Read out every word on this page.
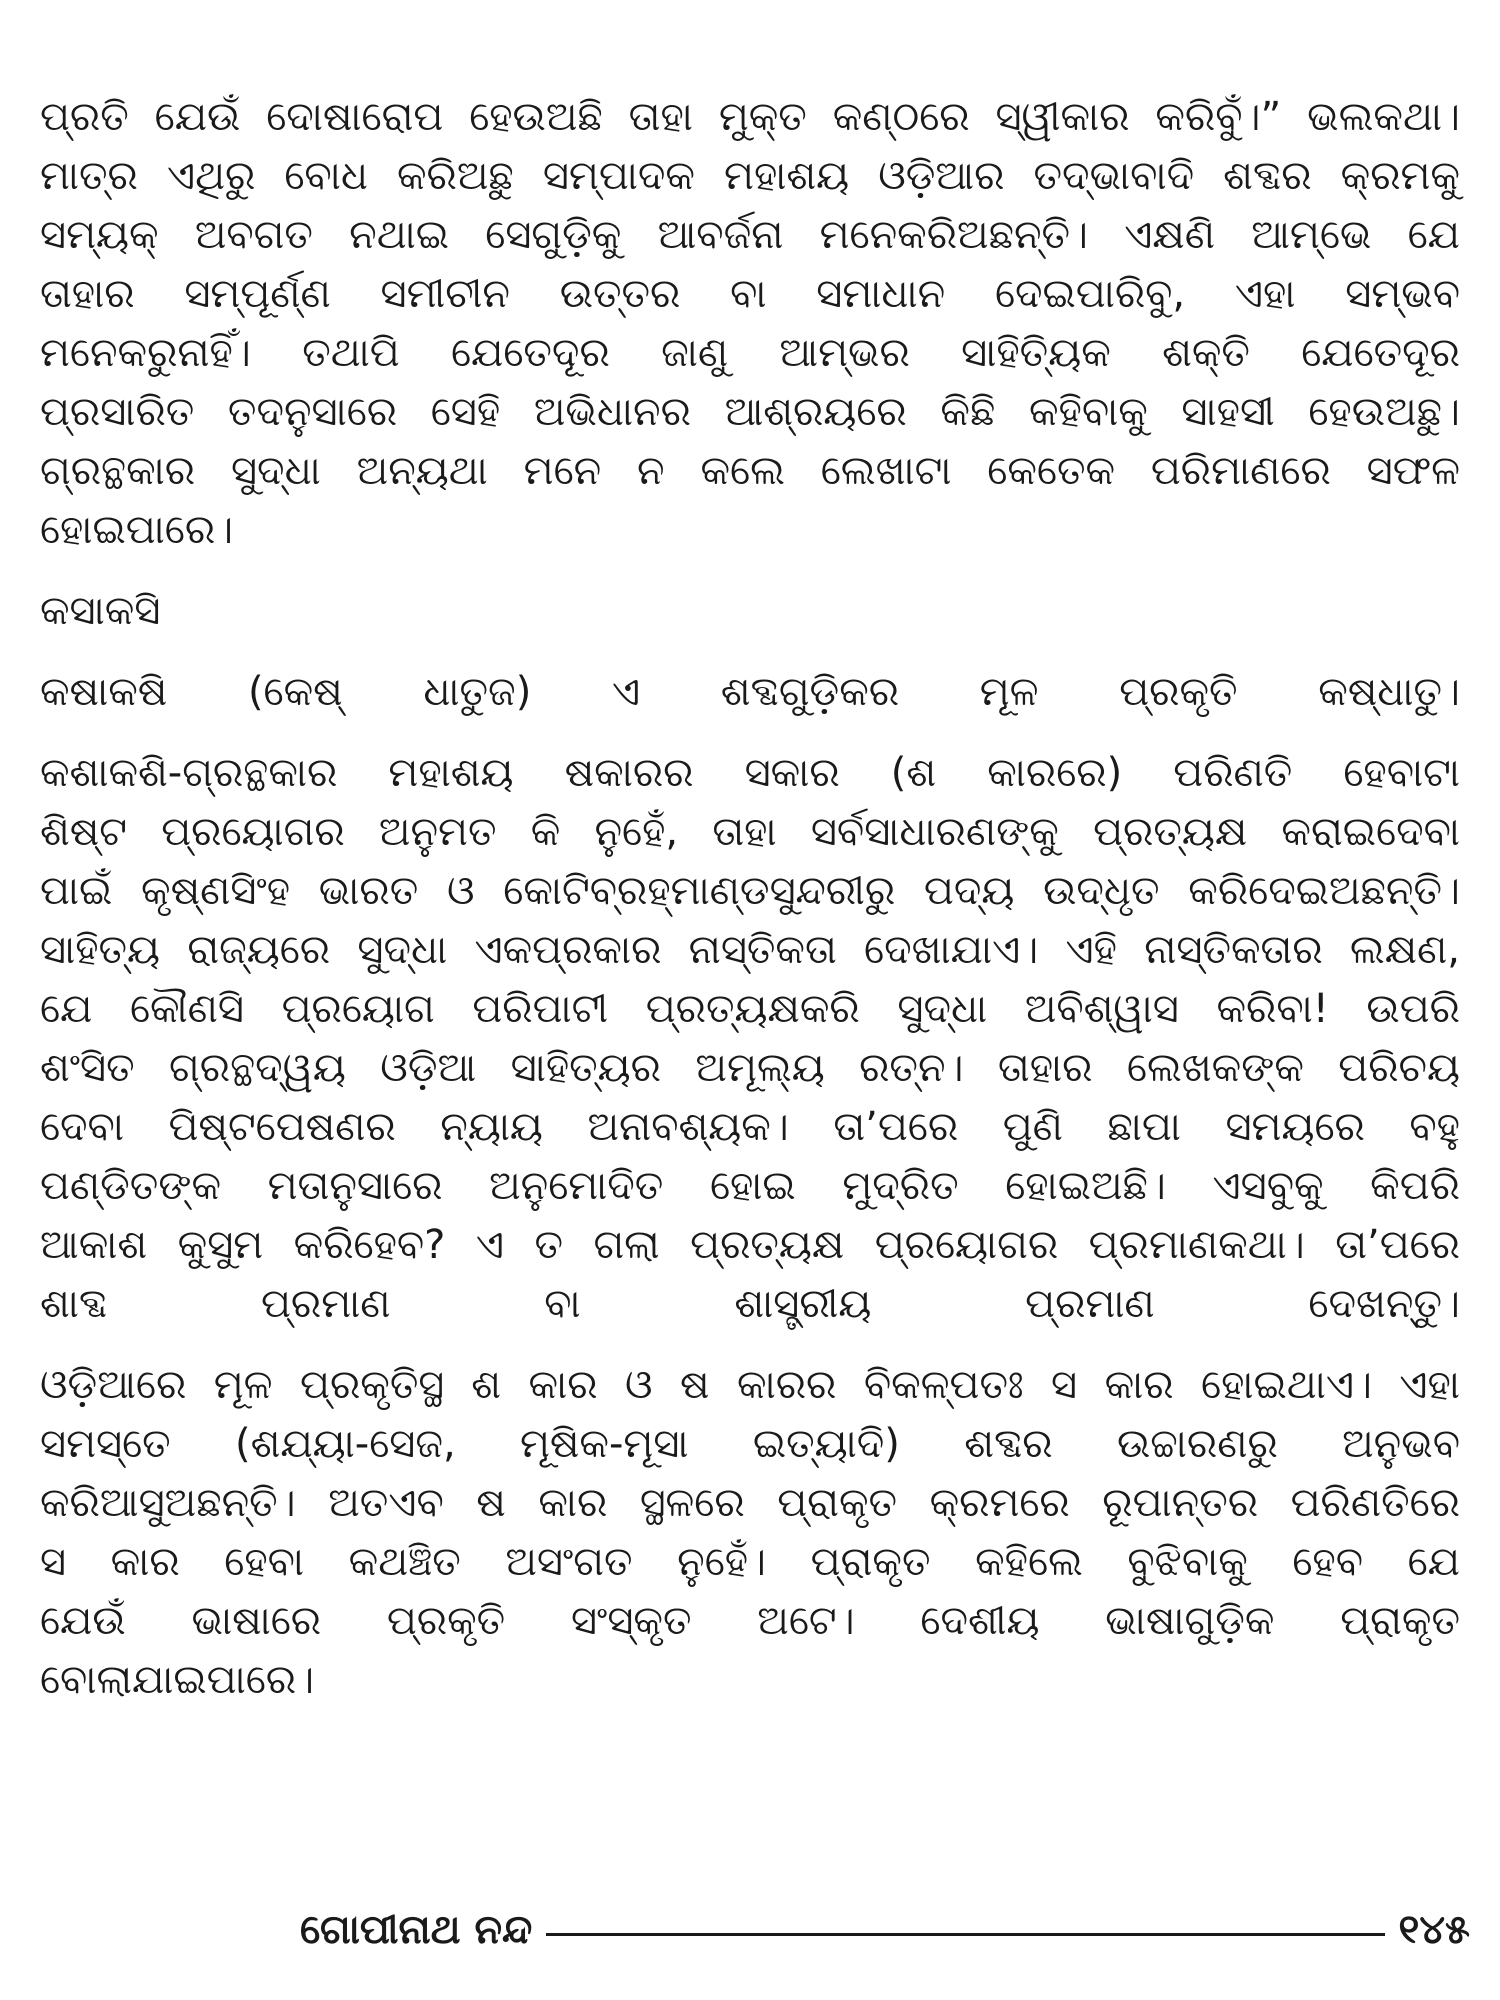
ପ୍ରତି ଯେଉଁ ଦୋଷାରୋପ ହେଉଅଛି ତାହା ମୁକ୍ତ କଣ୍ଠରେ ସ୍ୱୀକାର କରିବୁଁ।” ଭଲକଥା।
ମାତ୍ର ଏଥିରୁ ବୋଧ କରିଅଛୁ ସମ୍ପାଦକ ମହାଶୟ ଓଡ଼ିଆର ତଦ୍‌ଭାବାଦି ଶବ୍ଦର କ୍ରମକୁ
ସମ୍ୟକ୍ ଅବଗତ ନଥାଇ ସେଗୁଡ଼ିକୁ ଆବର୍ଜନା ମନେକରିଅଛନ୍ତି। ଏକ୍ଷଣି ଆମ୍ଭେ ଯେ
ତାହାର ସମ୍ପୂର୍ଣ୍ଣ ସମୀଚୀନ ଉତ୍ତର ବା ସମାଧାନ ଦେଇପାରିବୁ, ଏହା ସମ୍ଭବ
ମନେକରୁନାହିଁ। ତଥାପି ଯେତେଦୂର ଜାଣୁ ଆମ୍ଭର ସାହିତ୍ୟିକ ଶକ୍ତି ଯେତେଦୂର
ପ୍ରସାରିତ ତଦନୁସାରେ ସେହି ଅଭିଧାନର ଆଶ୍ରୟରେ କିଛି କହିବାକୁ ସାହସୀ ହେଉଅଛୁ।
ଗ୍ରନ୍ଥକାର ସୁଦ୍ଧା ଅନ୍ୟଥା ମନେ ନ କଲେ ଲେଖାଟା କେତେକ ପରିମାଣରେ ସଫଳ
ହୋଇପାରେ।
କସାକସି
କଷାକଷି (କେଷ୍ ଧାତୁଜ) ଏ ଶବ୍ଦଗୁଡ଼ିକର ମୂଳ ପ୍ରକୃତି କଷ୍‌ଧାତୁ।
କଶାକଶି-ଗ୍ରନ୍ଥକାର ମହାଶୟ ଷକାରର ସକାର (ଶ କାରରେ) ପରିଣତି ହେବାଟା
ଶିଷ୍ଟ ପ୍ରୟୋଗର ଅନୁମତ କି ନୁହେଁ, ତାହା ସର୍ବସାଧାରଣଙ୍କୁ ପ୍ରତ୍ୟକ୍ଷ କରାଇଦେବା
ପାଇଁ କୃଷ୍ଣସିଂହ ଭାରତ ଓ କୋଟିବ୍ରହ୍ମାଣ୍ଡସୁନ୍ଦରୀରୁ ପଦ୍ୟ ଉଦ୍ଧୃତ କରିଦେଇଅଛନ୍ତି।
ସାହିତ୍ୟ ରାଜ୍ୟରେ ସୁଦ୍ଧା ଏକପ୍ରକାର ନାସ୍ତିକତା ଦେଖାଯାଏ। ଏହି ନାସ୍ତିକତାର ଲକ୍ଷଣ,
ଯେ କୌଣସି ପ୍ରୟୋଗ ପରିପାଟୀ ପ୍ରତ୍ୟକ୍ଷକରି ସୁଦ୍ଧା ଅବିଶ୍ୱାସ କରିବା! ଉପରି
ଶଂସିତ ଗ୍ରନ୍ଥଦ୍ୱୟ ଓଡ଼ିଆ ସାହିତ୍ୟର ଅମୂଲ୍ୟ ରତ୍ନ। ତାହାର ଲେଖକଙ୍କ ପରିଚୟ
ଦେବା ପିଷ୍ଟପେଷଣର ନ୍ୟାୟ ଅନାବଶ୍ୟକ। ତା’ପରେ ପୁଣି ଛାପା ସମୟରେ ବହୁ
ପଣ୍ଡିତଙ୍କ ମତାନୁସାରେ ଅନୁମୋଦିତ ହୋଇ ମୁଦ୍ରିତ ହୋଇଅଛି। ଏସବୁକୁ କିପରି
ଆକାଶ କୁସୁମ କରିହେବ? ଏ ତ ଗଲା ପ୍ରତ୍ୟକ୍ଷ ପ୍ରୟୋଗର ପ୍ରମାଣକଥା। ତା’ପରେ
ଶାବ୍ଦ ପ୍ରମାଣ ବା ଶାସ୍ତ୍ରୀୟ ପ୍ରମାଣ ଦେଖନ୍ତୁ।
ଓଡ଼ିଆରେ ମୂଳ ପ୍ରକୃତିସ୍ଥ ଶ କାର ଓ ଷ କାରର ବିକଳ୍ପତଃ ସ କାର ହୋଇଥାଏ। ଏହା
ସମସ୍ତେ (ଶଯ୍ୟା-ସେଜ, ମୂଷିକ-ମୂସା ଇତ୍ୟାଦି) ଶବ୍ଦର ଉଚ୍ଚାରଣରୁ ଅନୁଭବ
କରିଆସୁଅଛନ୍ତି। ଅତଏବ ଷ କାର ସ୍ଥଳରେ ପ୍ରାକୃତ କ୍ରମରେ ରୂପାନ୍ତର ପରିଣତିରେ
ସ କାର ହେବା କଥଞ୍ଚିତ ଅସଂଗତ ନୁହେଁ। ପ୍ରାକୃତ କହିଲେ ବୁଝିବାକୁ ହେବ ଯେ
ଯେଉଁ ଭାଷାରେ ପ୍ରକୃତି ସଂସ୍କୃତ ଅଟେ। ଦେଶୀୟ ଭାଷାଗୁଡ଼ିକ ପ୍ରାକୃତ
ବୋଲାଯାଇପାରେ।
ଗୋପୀନାଥ ନନ୍ଦ	୧୪୫
